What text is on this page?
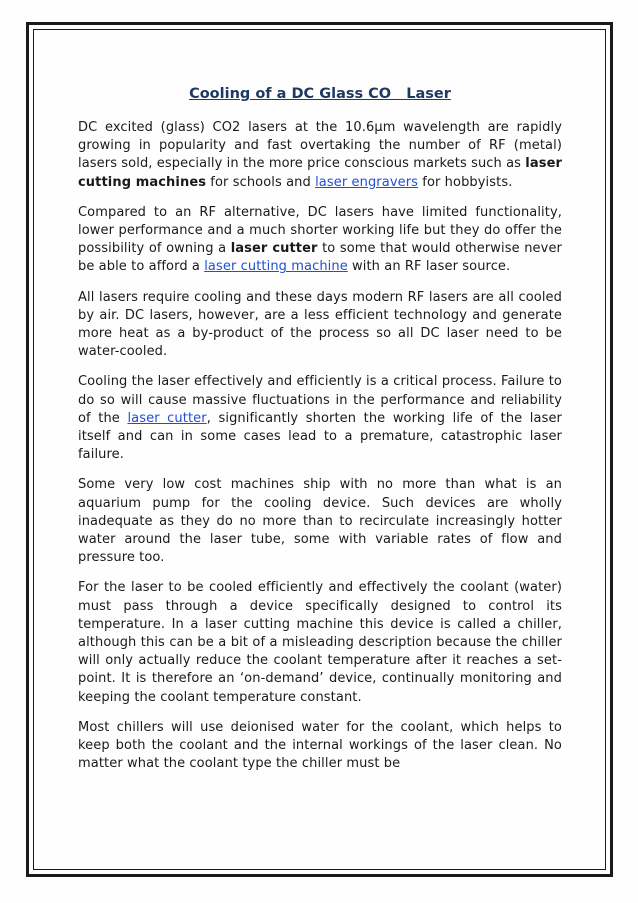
Cooling of a DC Glass CO   Laser

DC excited (glass) CO2 lasers at the 10.6µm wavelength are rapidly growing in popularity and fast overtaking the number of RF (metal) lasers sold, especially in the more price conscious markets such as laser cutting machines for schools and laser engravers for hobbyists.

Compared to an RF alternative, DC lasers have limited functionality, lower performance and a much shorter working life but they do offer the possibility of owning a laser cutter to some that would otherwise never be able to afford a laser cutting machine with an RF laser source.

All lasers require cooling and these days modern RF lasers are all cooled by air. DC lasers, however, are a less efficient technology and generate more heat as a by-product of the process so all DC laser need to be water-cooled.

Cooling the laser effectively and efficiently is a critical process. Failure to do so will cause massive fluctuations in the performance and reliability of the laser cutter, significantly shorten the working life of the laser itself and can in some cases lead to a premature, catastrophic laser failure.

Some very low cost machines ship with no more than what is an aquarium pump for the cooling device. Such devices are wholly inadequate as they do no more than to recirculate increasingly hotter water around the laser tube, some with variable rates of flow and pressure too.

For the laser to be cooled efficiently and effectively the coolant (water) must pass through a device specifically designed to control its temperature. In a laser cutting machine this device is called a chiller, although this can be a bit of a misleading description because the chiller will only actually reduce the coolant temperature after it reaches a set-point. It is therefore an ‘on-demand’ device, continually monitoring and keeping the coolant temperature constant.

Most chillers will use deionised water for the coolant, which helps to keep both the coolant and the internal workings of the laser clean. No matter what the coolant type the chiller must be
